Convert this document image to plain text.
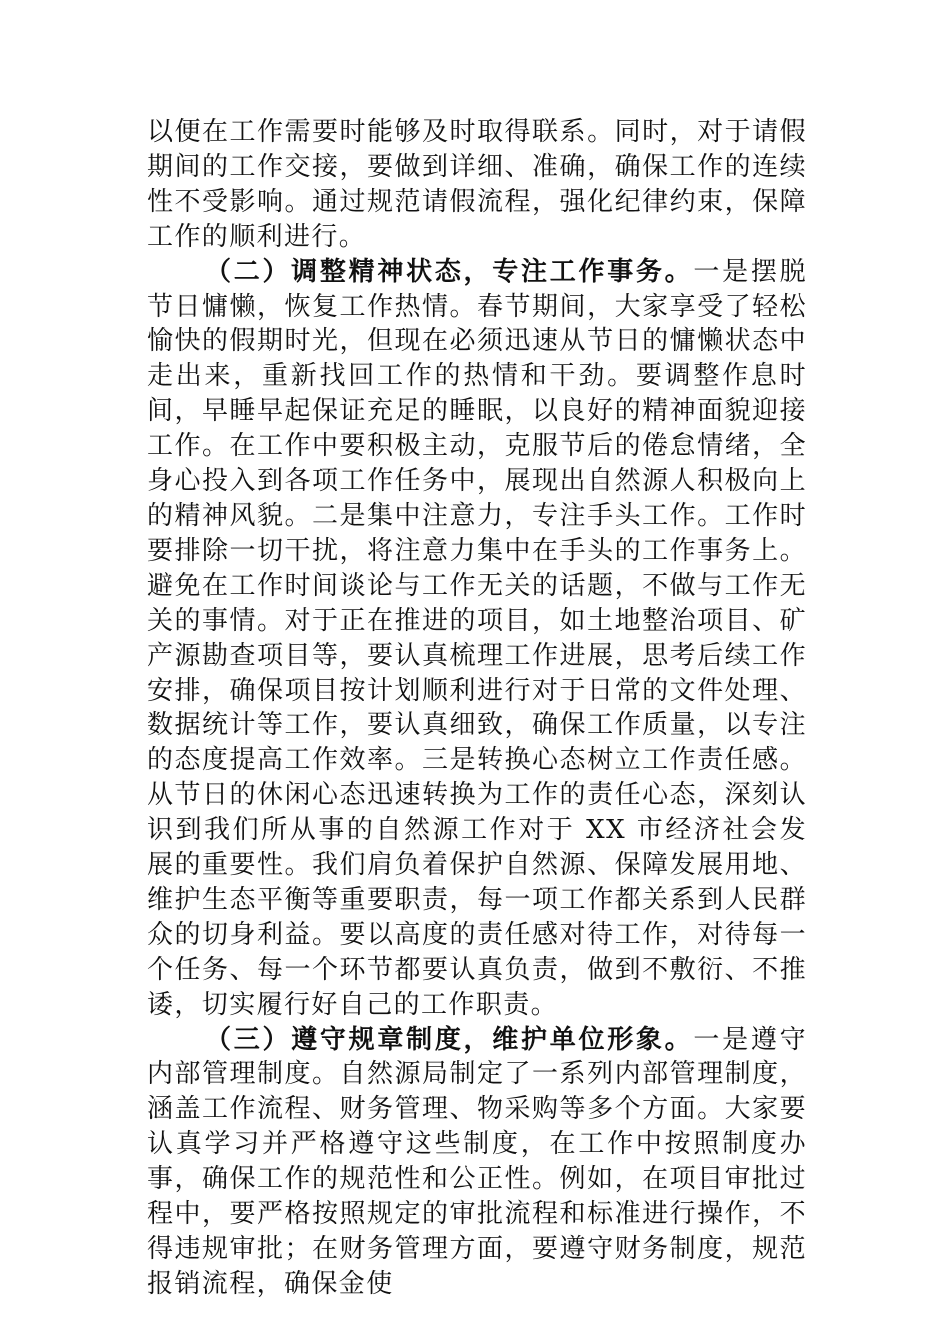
以便在工作需要时能够及时取得联系。同时，对于请假期间的工作交接，要做到详细、准确，确保工作的连续性不受影响。通过规范请假流程，强化纪律约束，保障工作的顺利进行。

（二）调整精神状态，专注工作事务。一是摆脱节日慵懒，恢复工作热情。春节期间，大家享受了轻松愉快的假期时光，但现在必须迅速从节日的慵懒状态中走出来，重新找回工作的热情和干劲。要调整作息时间，早睡早起保证充足的睡眠，以良好的精神面貌迎接工作。在工作中要积极主动，克服节后的倦怠情绪，全身心投入到各项工作任务中，展现出自然源人积极向上的精神风貌。二是集中注意力，专注手头工作。工作时要排除一切干扰，将注意力集中在手头的工作事务上。避免在工作时间谈论与工作无关的话题，不做与工作无关的事情。对于正在推进的项目，如土地整治项目、矿产源勘查项目等，要认真梳理工作进展，思考后续工作安排，确保项目按计划顺利进行对于日常的文件处理、数据统计等工作，要认真细致，确保工作质量，以专注的态度提高工作效率。三是转换心态树立工作责任感。从节日的休闲心态迅速转换为工作的责任心态，深刻认识到我们所从事的自然源工作对于 XX 市经济社会发展的重要性。我们肩负着保护自然源、保障发展用地、维护生态平衡等重要职责，每一项工作都关系到人民群众的切身利益。要以高度的责任感对待工作，对待每一个任务、每一个环节都要认真负责，做到不敷衍、不推诿，切实履行好自己的工作职责。

（三）遵守规章制度，维护单位形象。一是遵守内部管理制度。自然源局制定了一系列内部管理制度，涵盖工作流程、财务管理、物采购等多个方面。大家要认真学习并严格遵守这些制度，在工作中按照制度办事，确保工作的规范性和公正性。例如，在项目审批过程中，要严格按照规定的审批流程和标准进行操作，不得违规审批；在财务管理方面，要遵守财务制度，规范报销流程，确保金使
